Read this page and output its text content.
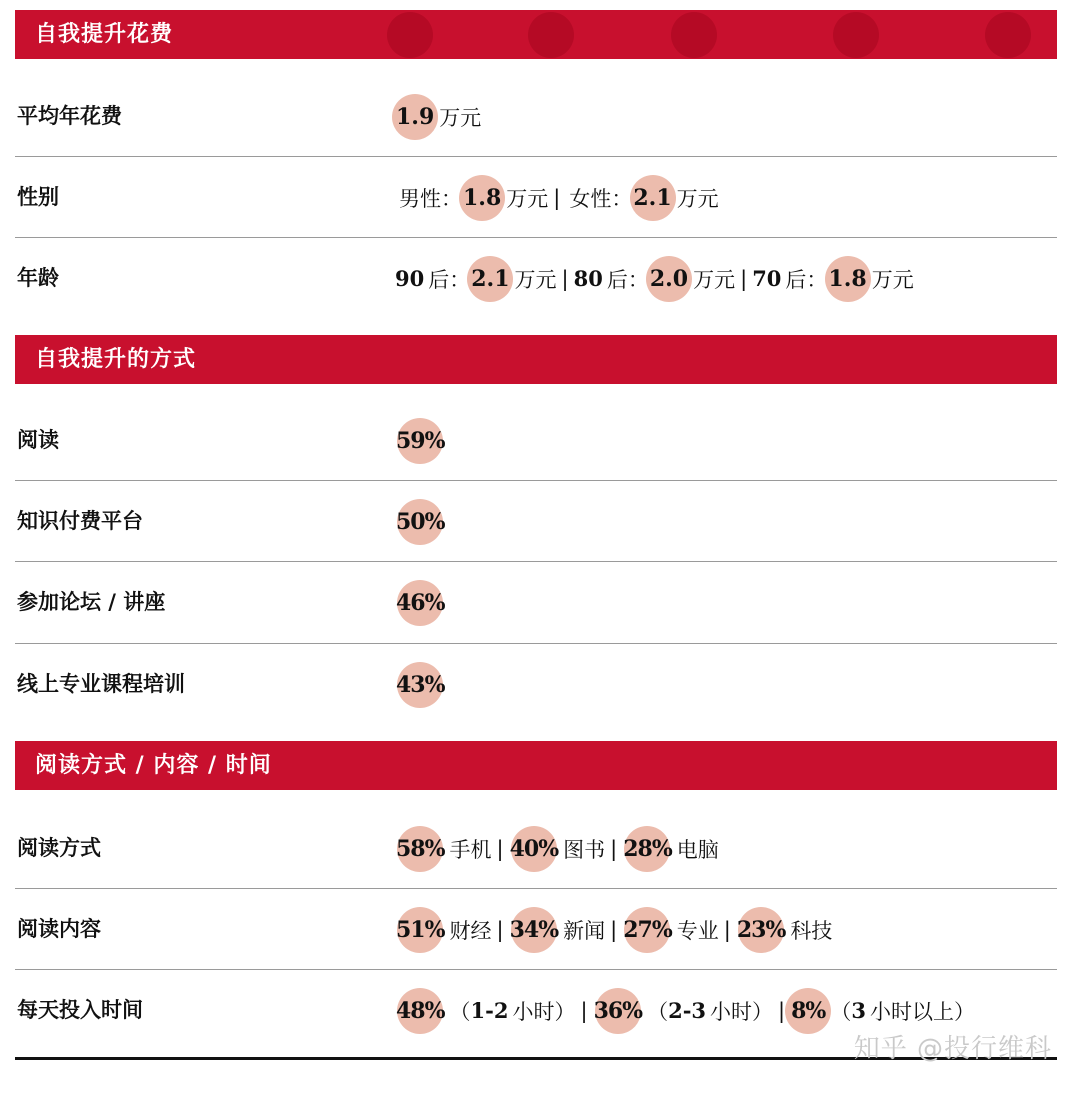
自我提升花费
平均年花费	1.9 万元
性别	男性： 1.8 万元 | 女性： 2.1 万元
年龄	90 后： 2.1 万元 | 80 后： 2.0 万元 | 70 后： 1.8 万元
自我提升的方式
阅读	59%
知识付费平台	50%
参加论坛 / 讲座	46%
线上专业课程培训	43%
阅读方式 / 内容 / 时间
阅读方式	58% 手机 | 40% 图书 | 28% 电脑
阅读内容	51% 财经 | 34% 新闻 | 27% 专业 | 23% 科技
每天投入时间	48% （ 1-2 小时） | 36% （ 2-3 小时） | 8% （ 3 小时以上）
知乎 @投行维科
